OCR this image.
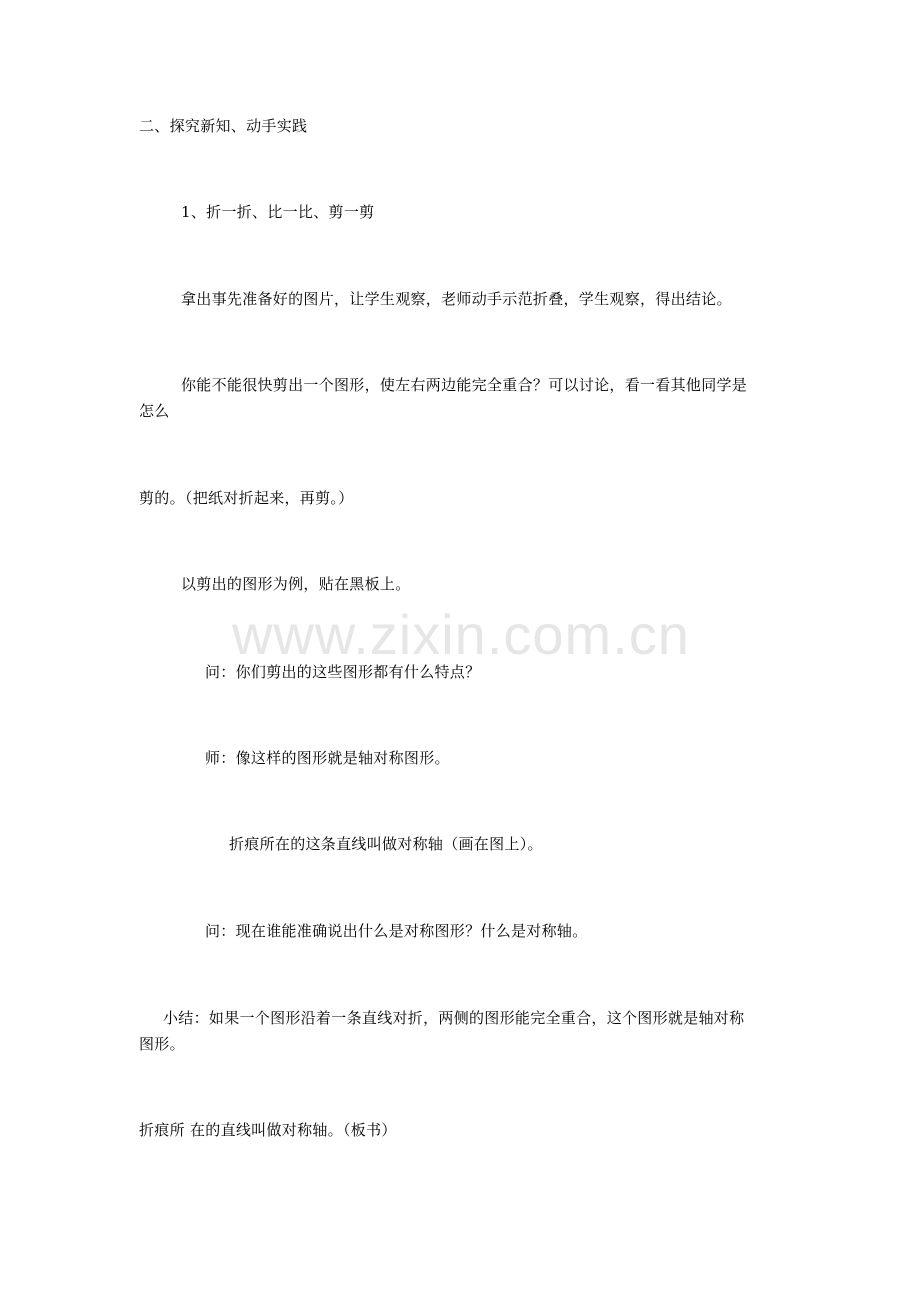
www.zixin.com.cn
二、探究新知、动手实践
1、折一折、比一比、剪一剪
拿出事先准备好的图片，让学生观察，老师动手示范折叠，学生观察，得出结论。
你能不能很快剪出一个图形，使左右两边能完全重合？可以讨论，看一看其他同学是
怎么
剪的。（把纸对折起来，再剪。）
以剪出的图形为例，贴在黑板上。
问：你们剪出的这些图形都有什么特点？
师：像这样的图形就是轴对称图形。
折痕所在的这条直线叫做对称轴（画在图上）。
问：现在谁能准确说出什么是对称图形？什么是对称轴。
小结：如果一个图形沿着一条直线对折，两侧的图形能完全重合，这个图形就是轴对称
图形。
折痕所 在的直线叫做对称轴。（板书）
